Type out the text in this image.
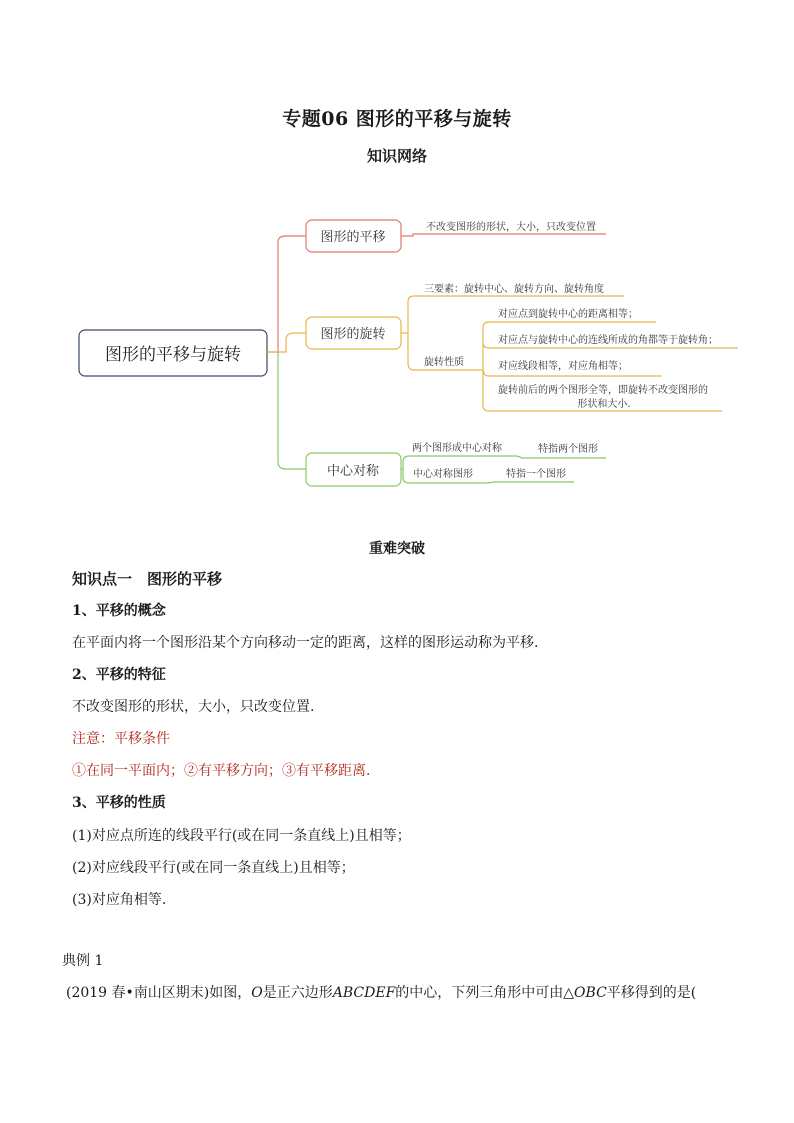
专题06 图形的平移与旋转
知识网络
图形的平移与旋转
图形的平移
不改变图形的形状，大小，只改变位置
图形的旋转
三要素：旋转中心、旋转方向、旋转角度
旋转性质
对应点到旋转中心的距离相等；
对应点与旋转中心的连线所成的角都等于旋转角；
对应线段相等，对应角相等；
旋转前后的两个图形全等，即旋转不改变图形的
形状和大小.
中心对称
两个图形成中心对称	特指两个图形
中心对称图形	特指一个图形
重难突破
知识点一　图形的平移
1、平移的概念
在平面内将一个图形沿某个方向移动一定的距离，这样的图形运动称为平移.
2、平移的特征
不改变图形的形状，大小，只改变位置.
注意：平移条件
①在同一平面内；②有平移方向；③有平移距离.
3、平移的性质
(1)对应点所连的线段平行(或在同一条直线上)且相等；
(2)对应线段平行(或在同一条直线上)且相等；
(3)对应角相等.
典例 1
(2019 春•南山区期末)如图，O是正六边形ABCDEF的中心，下列三角形中可由△OBC平移得到的是(
